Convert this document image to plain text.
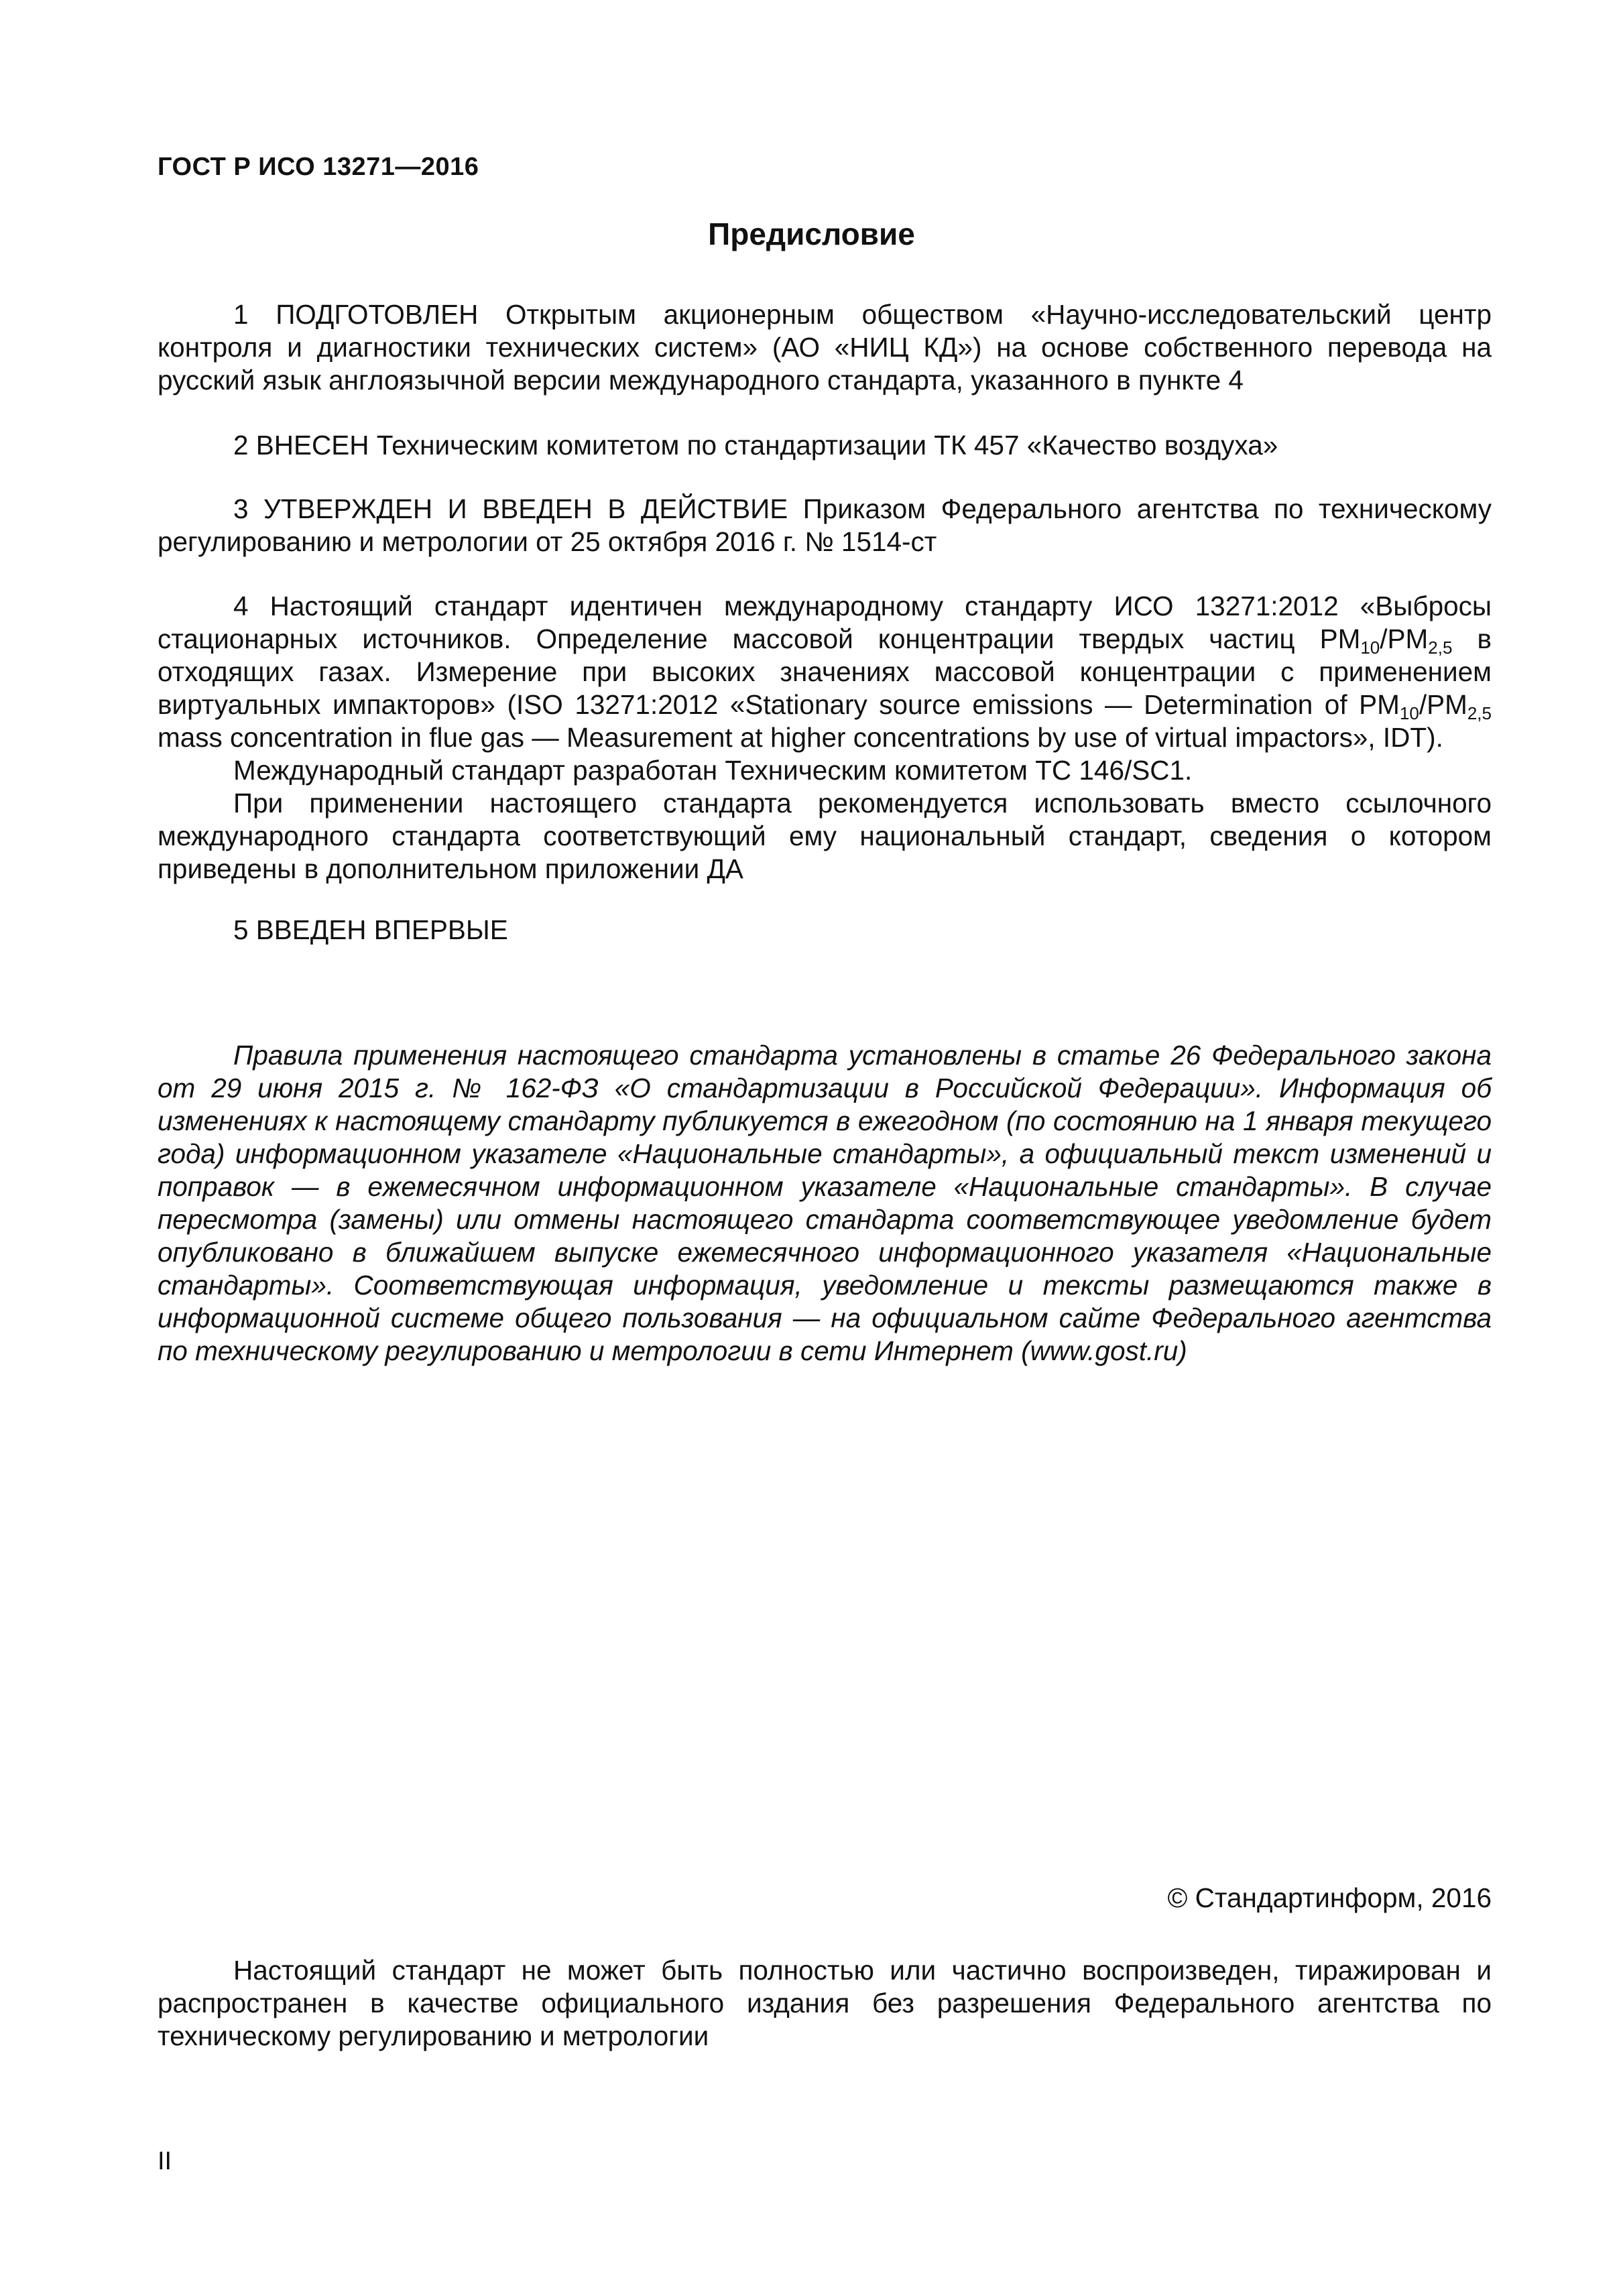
ГОСТ Р ИСО 13271—2016
Предисловие

1 ПОДГОТОВЛЕН Открытым акционерным обществом «Научно-исследовательский центр контроля и диагностики технических систем» (АО «НИЦ КД») на основе собственного перевода на русский язык англоязычной версии международного стандарта, указанного в пункте 4

2 ВНЕСЕН Техническим комитетом по стандартизации ТК 457 «Качество воздуха»

3 УТВЕРЖДЕН И ВВЕДЕН В ДЕЙСТВИЕ Приказом Федерального агентства по техническому регулированию и метрологии от 25 октября 2016 г. № 1514-ст

4 Настоящий стандарт идентичен международному стандарту ИСО 13271:2012 «Выбросы стационарных источников. Определение массовой концентрации твердых частиц $PM_{10}/PM_{2,5}$ в отходящих газах. Измерение при высоких значениях массовой концентрации с применением виртуальных импакторов» (ISO 13271:2012 «Stationary source emissions — Determination of $PM_{10}/PM_{2,5}$ mass concentration in flue gas — Measurement at higher concentrations by use of virtual impactors», IDT).

Международный стандарт разработан Техническим комитетом ТС 146/SC1.

При применении настоящего стандарта рекомендуется использовать вместо ссылочного международного стандарта соответствующий ему национальный стандарт, сведения о котором приведены в дополнительном приложении ДА

5 ВВЕДЕН ВПЕРВЫЕ

Правила применения настоящего стандарта установлены в статье 26 Федерального закона от 29 июня 2015 г. № 162-ФЗ «О стандартизации в Российской Федерации». Информация об изменениях к настоящему стандарту публикуется в ежегодном (по состоянию на 1 января текущего года) информационном указателе «Национальные стандарты», а официальный текст изменений и поправок — в ежемесячном информационном указателе «Национальные стандарты». В случае пересмотра (замены) или отмены настоящего стандарта соответствующее уведомление будет опубликовано в ближайшем выпуске ежемесячного информационного указателя «Национальные стандарты». Соответствующая информация, уведомление и тексты размещаются также в информационной системе общего пользования — на официальном сайте Федерального агентства по техническому регулированию и метрологии в сети Интернет (www.gost.ru)

© Стандартинформ, 2016

Настоящий стандарт не может быть полностью или частично воспроизведен, тиражирован и распространен в качестве официального издания без разрешения Федерального агентства по техническому регулированию и метрологии

II
